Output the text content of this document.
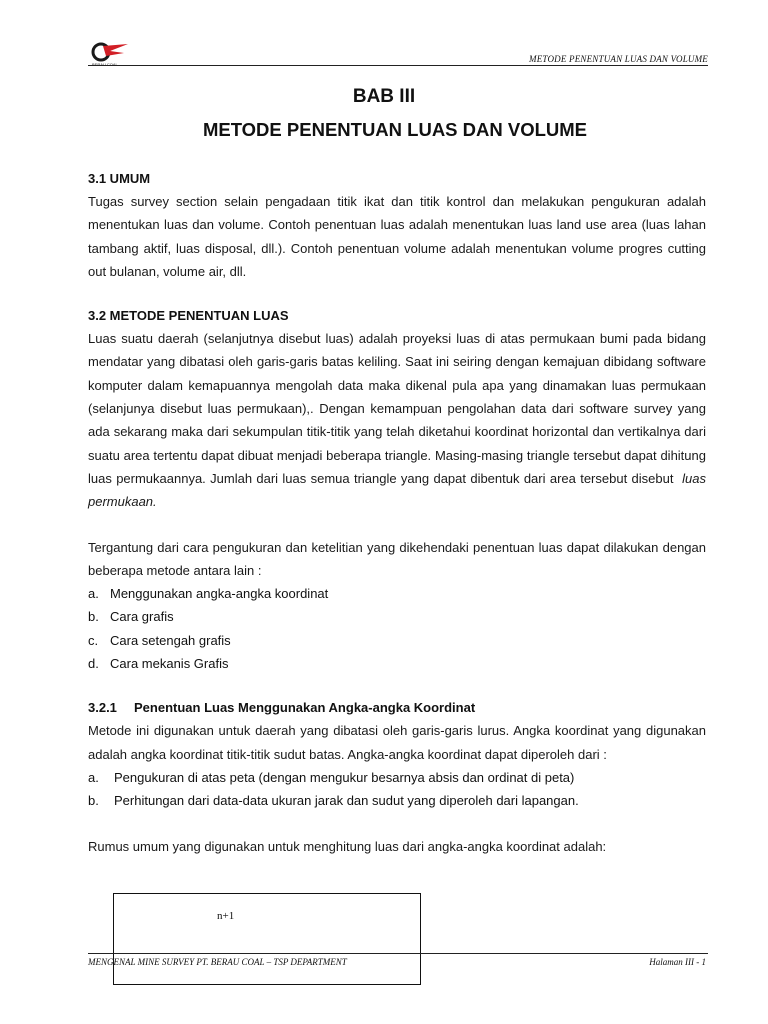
BERAU COAL
METODE PENENTUAN LUAS DAN VOLUME
BAB III
METODE PENENTUAN LUAS DAN VOLUME

3.1 UMUM

Tugas survey section selain pengadaan titik ikat dan titik kontrol dan melakukan pengukuran adalah menentukan luas dan volume. Contoh penentuan luas adalah menentukan luas land use area (luas lahan tambang aktif, luas disposal, dll.). Contoh penentuan volume adalah menentukan volume progres cutting out bulanan, volume air, dll.

3.2 METODE PENENTUAN LUAS

Luas suatu daerah (selanjutnya disebut luas) adalah proyeksi luas di atas permukaan bumi pada bidang mendatar yang dibatasi oleh garis-garis batas keliling. Saat ini seiring dengan kemajuan dibidang software komputer dalam kemapuannya mengolah data maka dikenal pula apa yang dinamakan luas permukaan (selanjunya disebut luas permukaan),. Dengan kemampuan pengolahan data dari software survey yang ada sekarang maka dari sekumpulan titik-titik yang telah diketahui koordinat horizontal dan vertikalnya dari suatu area tertentu dapat dibuat menjadi beberapa triangle. Masing-masing triangle tersebut dapat dihitung luas permukaannya. Jumlah dari luas semua triangle yang dapat dibentuk dari area tersebut disebut luas permukaan.

Tergantung dari cara pengukuran dan ketelitian yang dikehendaki penentuan luas dapat dilakukan dengan beberapa metode antara lain :

a. Menggunakan angka-angka koordinat
b. Cara grafis
c. Cara setengah grafis
d. Cara mekanis Grafis

3.2.1 Penentuan Luas Menggunakan Angka-angka Koordinat

Metode ini digunakan untuk daerah yang dibatasi oleh garis-garis lurus. Angka koordinat yang digunakan adalah angka koordinat titik-titik sudut batas. Angka-angka koordinat dapat diperoleh dari :

a. Pengukuran di atas peta (dengan mengukur besarnya absis dan ordinat di peta)
b. Perhitungan dari data-data ukuran jarak dan sudut yang diperoleh dari lapangan.

Rumus umum yang digunakan untuk menghitung luas dari angka-angka koordinat adalah:

n+1
MENGENAL MINE SURVEY PT. BERAU COAL – TSP DEPARTMENT	Halaman III - 1
